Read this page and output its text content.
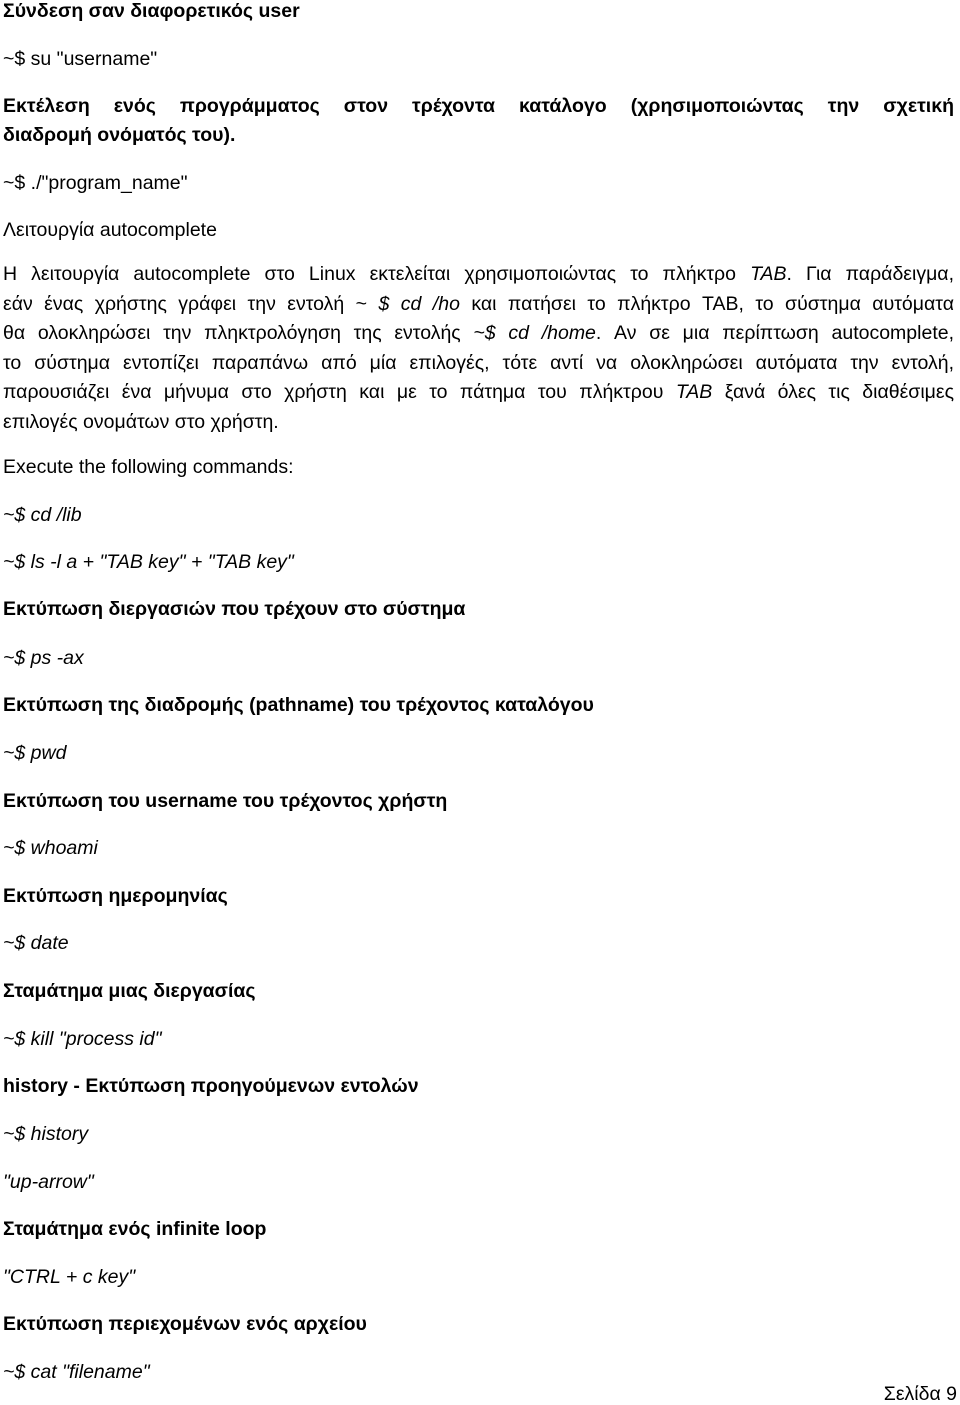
Σύνδεση σαν διαφορετικός user

~$ su "username"

Εκτέλεση ενός προγράμματος στον τρέχοντα κατάλογο (χρησιμοποιώντας την σχετική

διαδρομή ονόματός του).

~$ ./"program_name"

Λειτουργία autocomplete

Η λειτουργία autocomplete στο Linux εκτελείται χρησιμοποιώντας το πλήκτρο TAB. Για παράδειγμα,
εάν ένας χρήστης γράφει την εντολή ~ $ cd /ho και πατήσει το πλήκτρο TAB, το σύστημα αυτόματα
θα ολοκληρώσει την πληκτρολόγηση της εντολής ~$ cd /home. Αν σε μια περίπτωση autocomplete,
το σύστημα εντοπίζει παραπάνω από μία επιλογές, τότε αντί να ολοκληρώσει αυτόματα την εντολή,
παρουσιάζει ένα μήνυμα στο χρήστη και με το πάτημα του πλήκτρου TAB ξανά όλες τις διαθέσιμες
επιλογές ονομάτων στο χρήστη.

Execute the following commands:

~$ cd /lib

~$ ls -l a + "TAB key" + "TAB key"

Εκτύπωση διεργασιών που τρέχουν στο σύστημα

~$ ps -ax

Εκτύπωση της διαδρομής (pathname) του τρέχοντος καταλόγου

~$ pwd

Εκτύπωση του username του τρέχοντος χρήστη

~$ whoami

Εκτύπωση ημερομηνίας

~$ date

Σταμάτημα μιας διεργασίας

~$ kill "process id"

history - Εκτύπωση προηγούμενων εντολών

~$ history

"up-arrow"

Σταμάτημα ενός infinite loop

"CTRL + c key"

Εκτύπωση περιεχομένων ενός αρχείου

~$ cat "filename"

Σελίδα 9
